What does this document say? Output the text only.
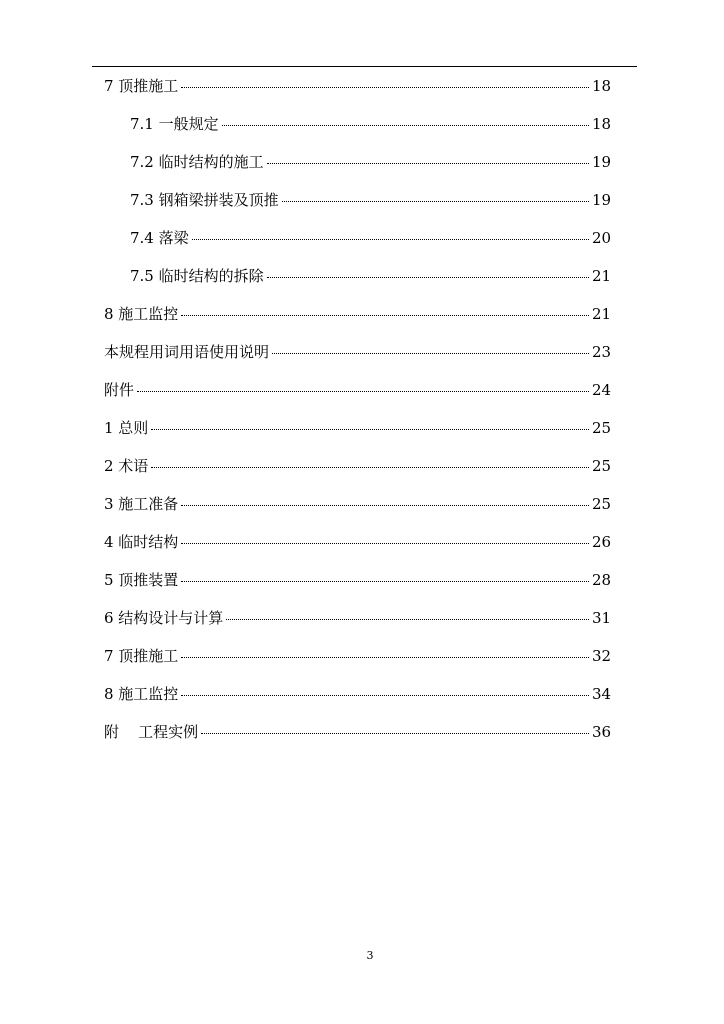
7 顶推施工	18
7.1 一般规定	18
7.2 临时结构的施工	19
7.3 钢箱梁拼装及顶推	19
7.4 落梁	20
7.5 临时结构的拆除	21
8 施工监控	21
本规程用词用语使用说明	23
附件	24
1 总则	25
2 术语	25
3 施工准备	25
4 临时结构	26
5 顶推装置	28
6 结构设计与计算	31
7 顶推施工	32
8 施工监控	34
附    工程实例	36
3
